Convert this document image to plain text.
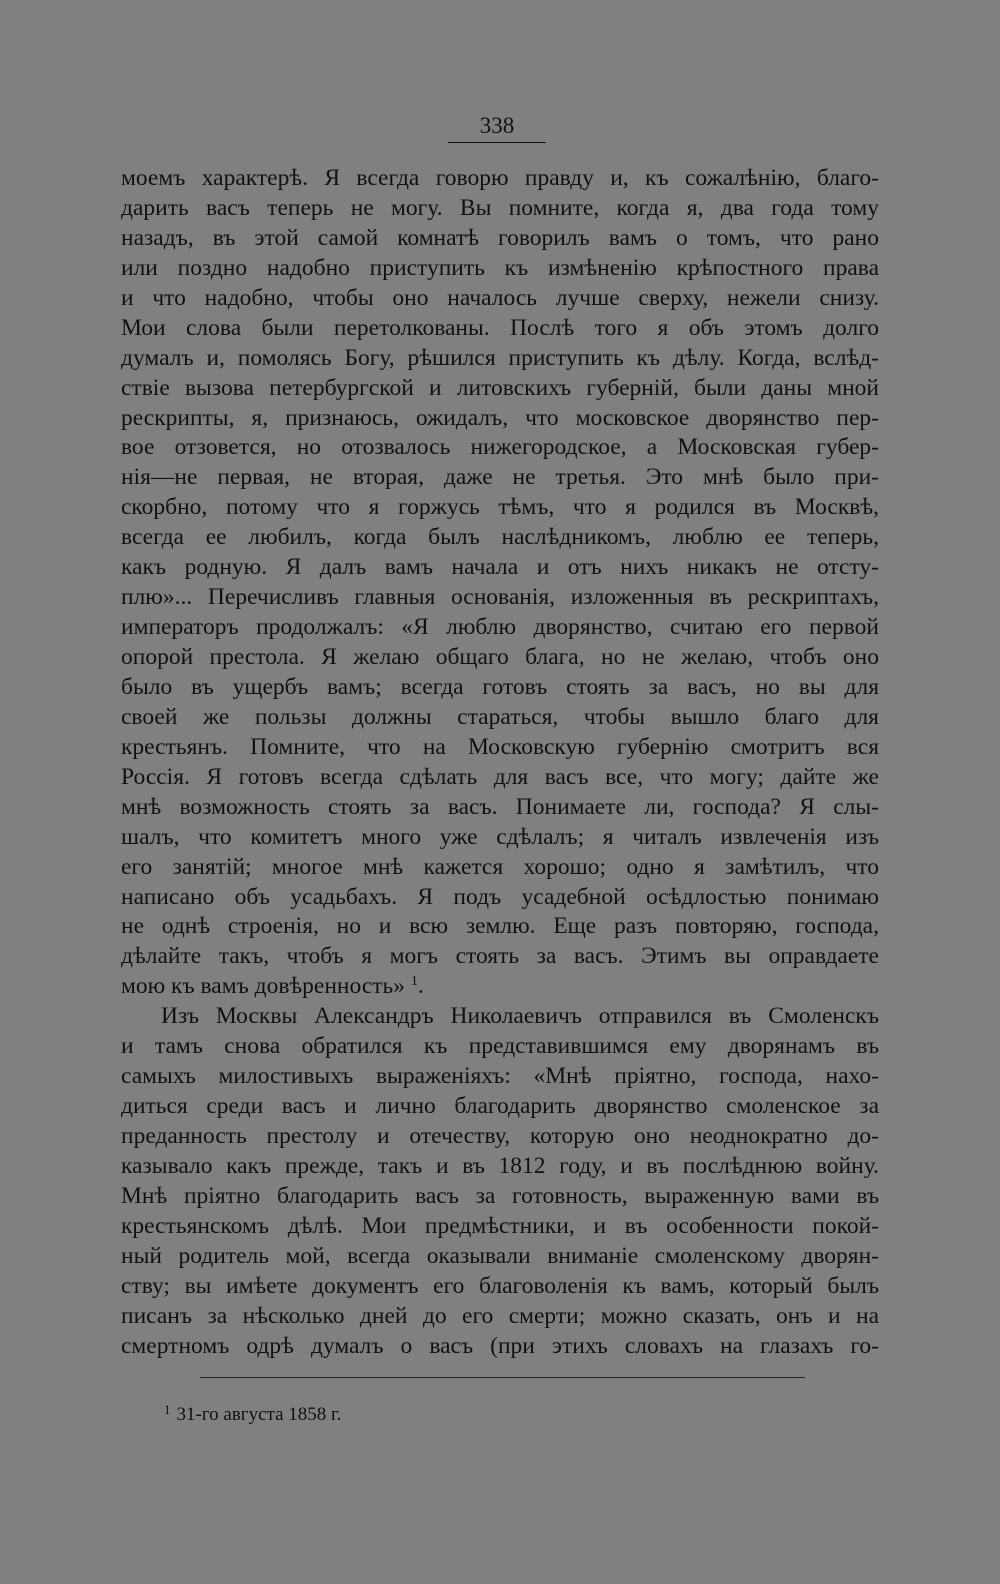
338
моемъ характерѣ. Я всегда говорю правду и, къ сожалѣнію, благо-
дарить васъ теперь не могу. Вы помните, когда я, два года тому
назадъ, въ этой самой комнатѣ говорилъ вамъ о томъ, что рано
или поздно надобно приступить къ измѣненію крѣпостного права
и что надобно, чтобы оно началось лучше сверху, нежели снизу.
Мои слова были перетолкованы. Послѣ того я объ этомъ долго
думалъ и, помолясь Богу, рѣшился приступить къ дѣлу. Когда, вслѣд-
ствіе вызова петербургской и литовскихъ губерній, были даны мной
рескрипты, я, признаюсь, ожидалъ, что московское дворянство пер-
вое отзовется, но отозвалось нижегородское, а Московская губер-
нія—не первая, не вторая, даже не третья. Это мнѣ было при-
скорбно, потому что я горжусь тѣмъ, что я родился въ Москвѣ,
всегда ее любилъ, когда былъ наслѣдникомъ, люблю ее теперь,
какъ родную. Я далъ вамъ начала и отъ нихъ никакъ не отсту-
плю»... Перечисливъ главныя основанія, изложенныя въ рескриптахъ,
императоръ продолжалъ: «Я люблю дворянство, считаю его первой
опорой престола. Я желаю общаго блага, но не желаю, чтобъ оно
было въ ущербъ вамъ; всегда готовъ стоять за васъ, но вы для
своей же пользы должны стараться, чтобы вышло благо для
крестьянъ. Помните, что на Московскую губернію смотритъ вся
Россія. Я готовъ всегда сдѣлать для васъ все, что могу; дайте же
мнѣ возможность стоять за васъ. Понимаете ли, господа? Я слы-
шалъ, что комитетъ много уже сдѣлалъ; я читалъ извлеченія изъ
его занятій; многое мнѣ кажется хорошо; одно я замѣтилъ, что
написано объ усадьбахъ. Я подъ усадебной осѣдлостью понимаю
не однѣ строенія, но и всю землю. Еще разъ повторяю, господа,
дѣлайте такъ, чтобъ я могъ стоять за васъ. Этимъ вы оправдаете
мою къ вамъ довѣренность» $^1$.
Изъ Москвы Александръ Николаевичъ отправился въ Смоленскъ
и тамъ снова обратился къ представившимся ему дворянамъ въ
самыхъ милостивыхъ выраженіяхъ: «Мнѣ пріятно, господа, нахо-
диться среди васъ и лично благодарить дворянство смоленское за
преданность престолу и отечеству, которую оно неоднократно до-
казывало какъ прежде, такъ и въ 1812 году, и въ послѣднюю войну.
Мнѣ пріятно благодарить васъ за готовность, выраженную вами въ
крестьянскомъ дѣлѣ. Мои предмѣстники, и въ особенности покой-
ный родитель мой, всегда оказывали вниманіе смоленскому дворян-
ству; вы имѣете документъ его благоволенія къ вамъ, который былъ
писанъ за нѣсколько дней до его смерти; можно сказать, онъ и на
смертномъ одрѣ думалъ о васъ (при этихъ словахъ на глазахъ го-
$^1$ 31-го августа 1858 г.
